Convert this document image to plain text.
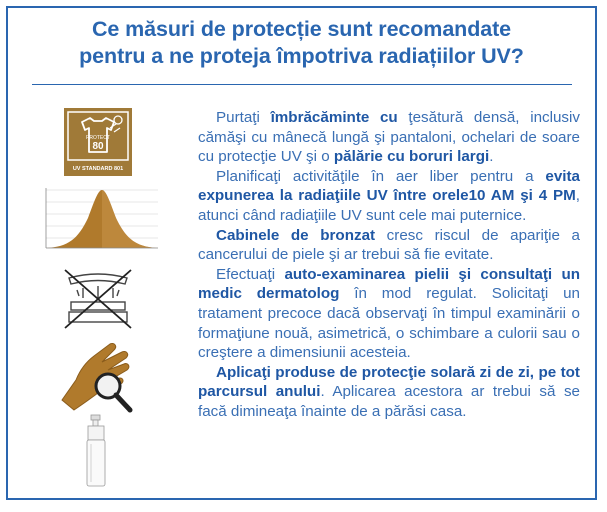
Ce măsuri de protecție sunt recomandate
pentru a ne proteja împotriva radiațiilor UV?
PROTECT
80
UV STANDARD 801

Purtaţi îmbrăcăminte cu ţesătură densă, inclusiv cămăşi cu mânecă lungă şi pantaloni, ochelari de soare cu protecţie UV şi o pălărie cu boruri largi.

Planificaţi activităţile în aer liber pentru a evita expunerea la radiaţiile UV între orele10 AM şi 4 PM, atunci când radiaţiile UV sunt cele mai puternice.

Cabinele de bronzat cresc riscul de apariţie a cancerului de piele şi ar trebui să fie evitate.

Efectuaţi auto-examinarea pielii şi consultaţi un medic dermatolog în mod regulat. Solicitaţi un tratament precoce dacă observaţi în timpul examinării o formaţiune nouă, asimetrică, o schimbare a culorii sau o creştere a dimensiunii acesteia.

Aplicaţi produse de protecţie solară zi de zi, pe tot parcursul anului. Aplicarea acestora ar trebui să se facă dimineaţa înainte de a părăsi casa.
